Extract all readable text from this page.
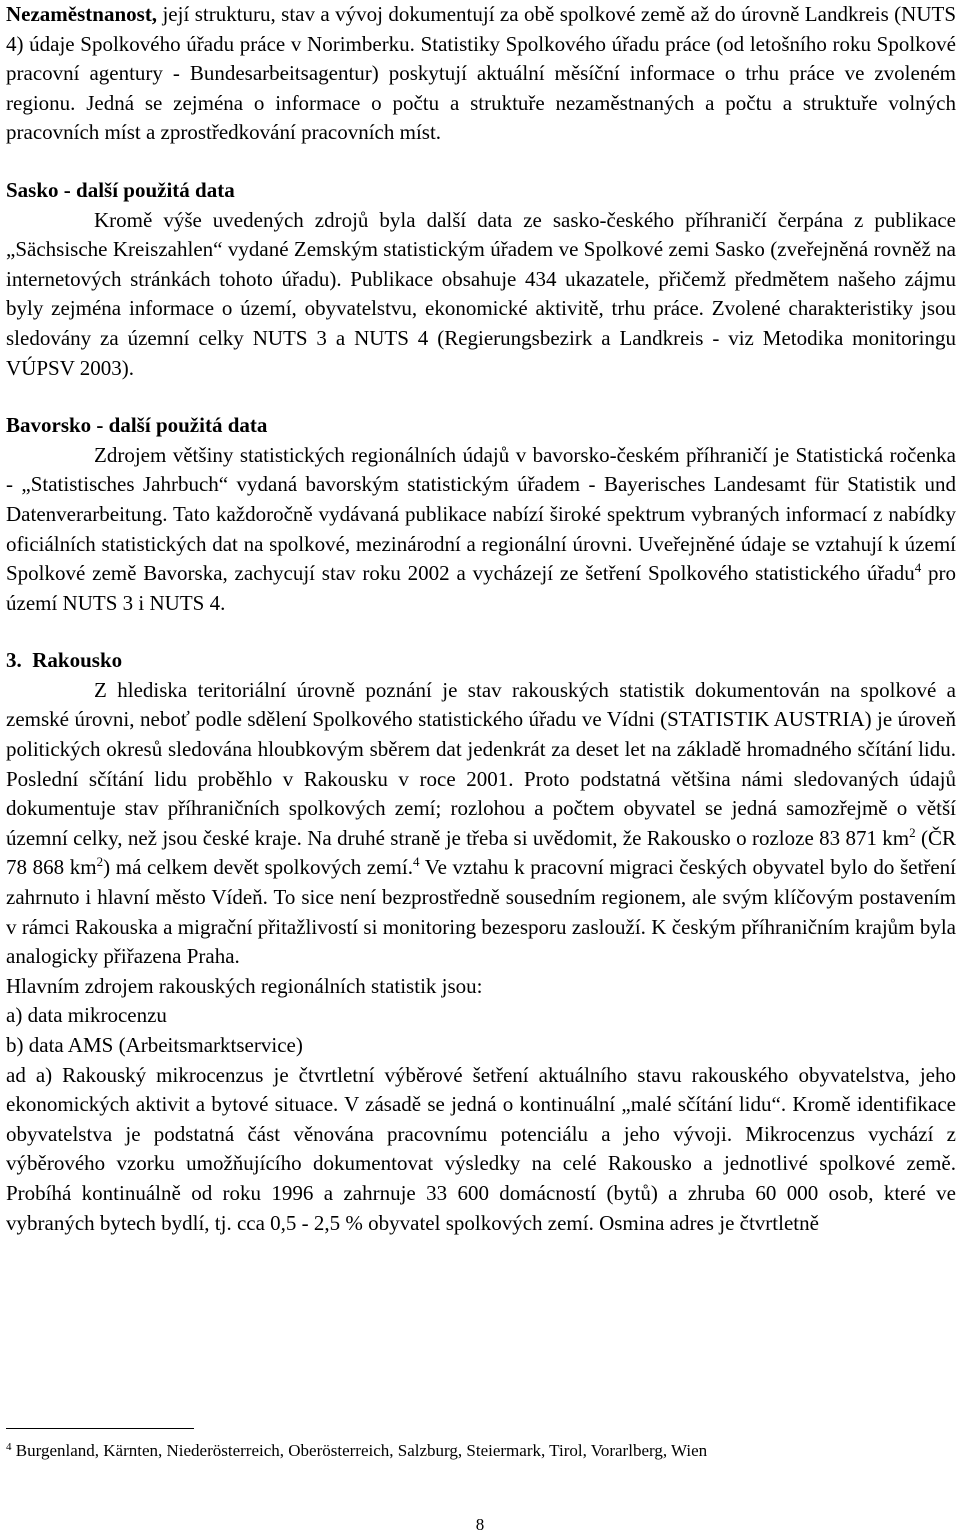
Nezaměstnanost, její strukturu, stav a vývoj dokumentují za obě spolkové země až do úrovně Landkreis (NUTS 4) údaje Spolkového úřadu práce v Norimberku. Statistiky Spolkového úřadu práce (od letošního roku Spolkové pracovní agentury - Bundesarbeitsagentur) poskytují aktuální měsíční informace o trhu práce ve zvoleném regionu. Jedná se zejména o informace o počtu a struktuře nezaměstnaných a počtu a struktuře volných pracovních míst a zprostředkování pracovních míst.

Sasko - další použitá data

Kromě výše uvedených zdrojů byla další data ze sasko-českého příhraničí čerpána z publikace „Sächsische Kreiszahlen“ vydané Zemským statistickým úřadem ve Spolkové zemi Sasko (zveřejněná rovněž na internetových stránkách tohoto úřadu). Publikace obsahuje 434 ukazatele, přičemž předmětem našeho zájmu byly zejména informace o území, obyvatelstvu, ekonomické aktivitě, trhu práce. Zvolené charakteristiky jsou sledovány za územní celky NUTS 3 a NUTS 4 (Regierungsbezirk a Landkreis - viz Metodika monitoringu VÚPSV 2003).

Bavorsko - další použitá data

Zdrojem většiny statistických regionálních údajů v bavorsko-českém příhraničí je Statistická ročenka - „Statistisches Jahrbuch“ vydaná bavorským statistickým úřadem - Bayerisches Landesamt für Statistik und Datenverarbeitung. Tato každoročně vydávaná publikace nabízí široké spektrum vybraných informací z nabídky oficiálních statistických dat na spolkové, mezinárodní a regionální úrovni. Uveřejněné údaje se vztahují k území Spolkové země Bavorska, zachycují stav roku 2002 a vycházejí ze šetření Spolkového statistického úřadu$^4$ pro území NUTS 3 i NUTS 4.

3. Rakousko

Z hlediska teritoriální úrovně poznání je stav rakouských statistik dokumentován na spolkové a zemské úrovni, neboť podle sdělení Spolkového statistického úřadu ve Vídni (STATISTIK AUSTRIA) je úroveň politických okresů sledována hloubkovým sběrem dat jedenkrát za deset let na základě hromadného sčítání lidu. Poslední sčítání lidu proběhlo v Rakousku v roce 2001. Proto podstatná většina námi sledovaných údajů dokumentuje stav příhraničních spolkových zemí; rozlohou a počtem obyvatel se jedná samozřejmě o větší územní celky, než jsou české kraje. Na druhé straně je třeba si uvědomit, že Rakousko o rozloze 83 871 $km^2$ (ČR 78 868 $km^2$) má celkem devět spolkových zemí.$^4$ Ve vztahu k pracovní migraci českých obyvatel bylo do šetření zahrnuto i hlavní město Vídeň. To sice není bezprostředně sousedním regionem, ale svým klíčovým postavením v rámci Rakouska a migrační přitažlivostí si monitoring bezesporu zaslouží. K českým příhraničním krajům byla analogicky přiřazena Praha.

Hlavním zdrojem rakouských regionálních statistik jsou:

a) data mikrocenzu

b) data AMS (Arbeitsmarktservice)

ad a) Rakouský mikrocenzus je čtvrtletní výběrové šetření aktuálního stavu rakouského obyvatelstva, jeho ekonomických aktivit a bytové situace. V zásadě se jedná o kontinuální „malé sčítání lidu“. Kromě identifikace obyvatelstva je podstatná část věnována pracovnímu potenciálu a jeho vývoji. Mikrocenzus vychází z výběrového vzorku umožňujícího dokumentovat výsledky na celé Rakousko a jednotlivé spolkové země. Probíhá kontinuálně od roku 1996 a zahrnuje 33 600 domácností (bytů) a zhruba 60 000 osob, které ve vybraných bytech bydlí, tj. cca 0,5 - 2,5 % obyvatel spolkových zemí. Osmina adres je čtvrtletně

$^4$ Burgenland, Kärnten, Niederösterreich, Oberösterreich, Salzburg, Steiermark, Tirol, Vorarlberg, Wien
8
